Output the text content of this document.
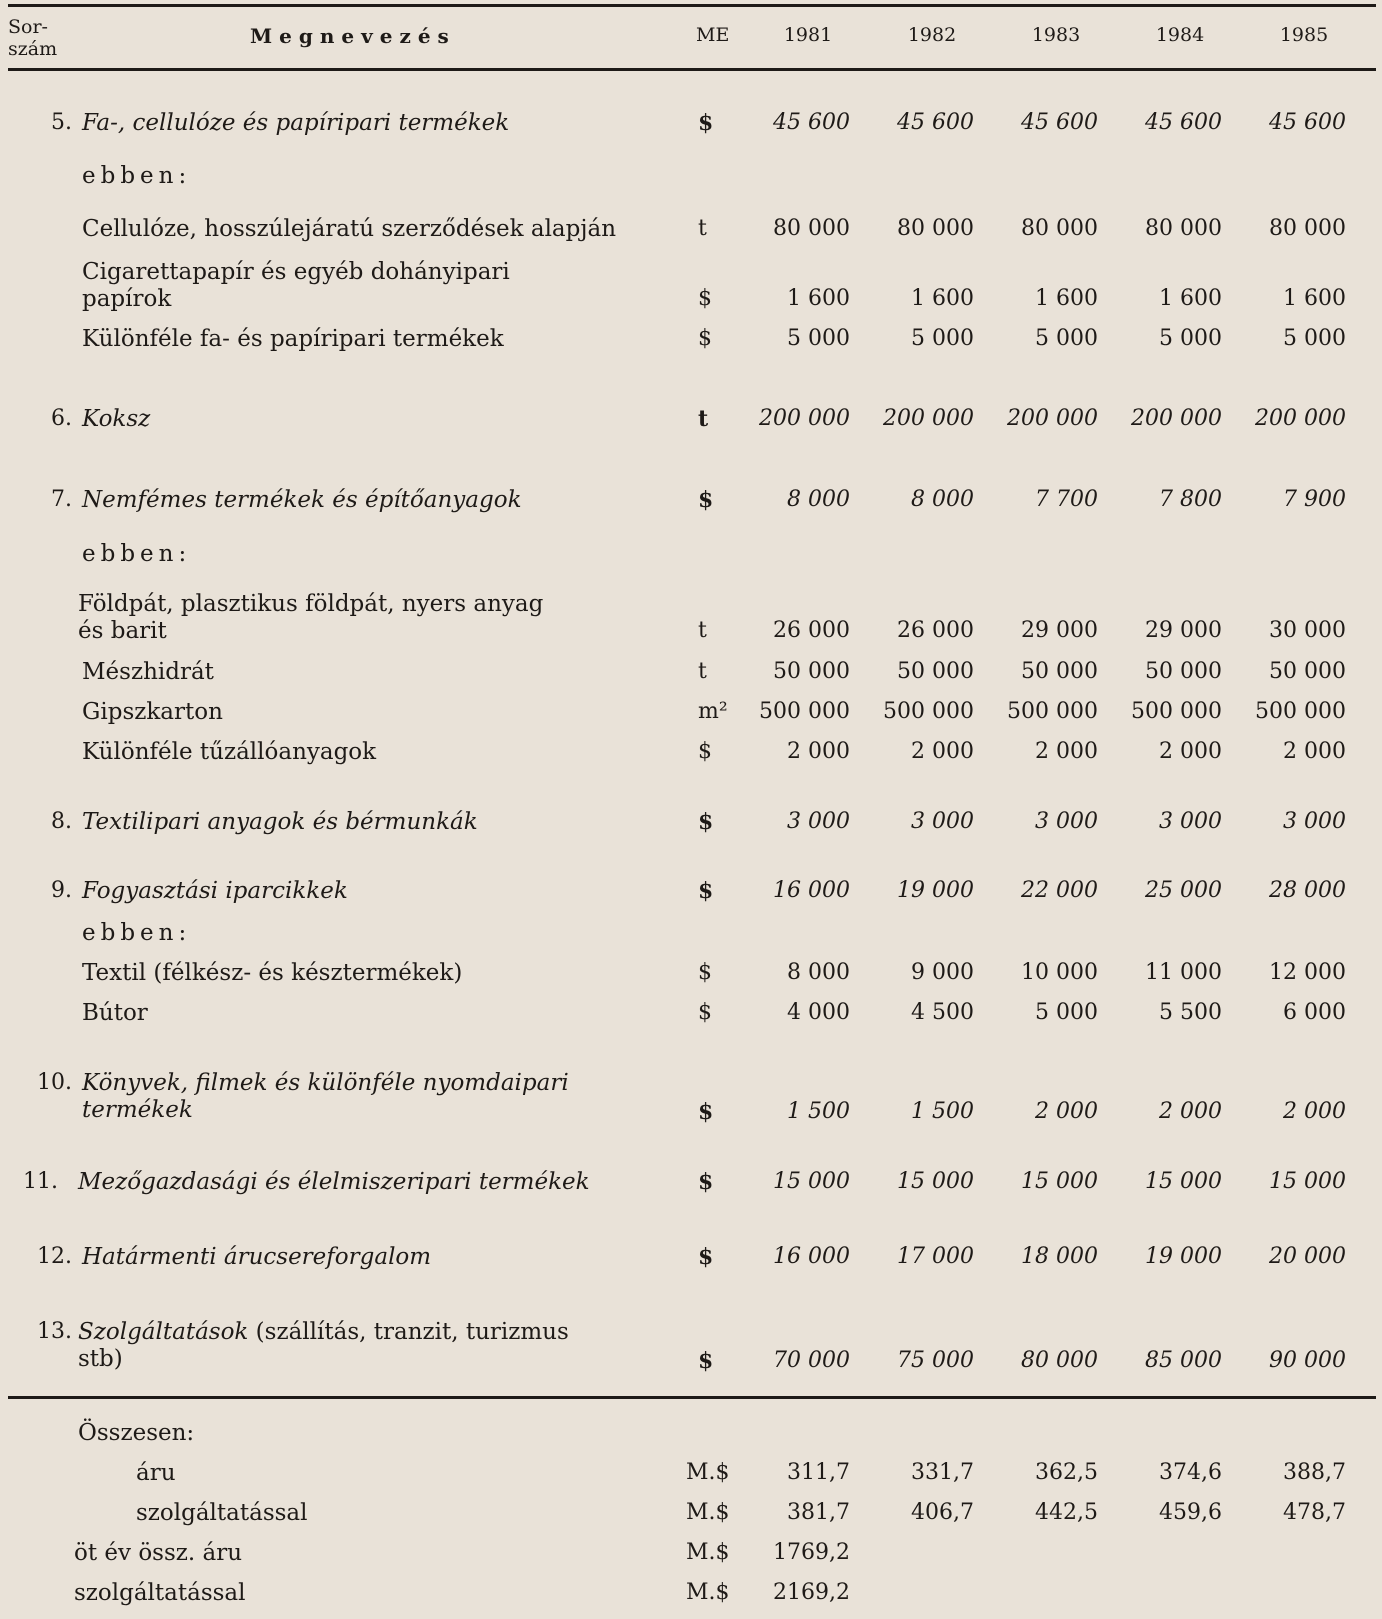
Sor-
szám
Megnevezés	ME	1981	1982	1983	1984	1985
5. Fa-, cellulóze és papíripari termékek	$	45 600	45 600	45 600	45 600	45 600
ebben:
Cellulóze, hosszúlejáratú szerződések alapján	t	80 000	80 000	80 000	80 000	80 000
Cigarettapapír és egyéb dohányipari
papírok	$	1 600	1 600	1 600	1 600	1 600
Különféle fa- és papíripari termékek	$	5 000	5 000	5 000	5 000	5 000
6. Koksz	t	200 000	200 000	200 000	200 000	200 000
7. Nemfémes termékek és építőanyagok	$	8 000	8 000	7 700	7 800	7 900
ebben:
Földpát, plasztikus földpát, nyers anyag
és barit	t	26 000	26 000	29 000	29 000	30 000
Mészhidrát	t	50 000	50 000	50 000	50 000	50 000
Gipszkarton	m²	500 000	500 000	500 000	500 000	500 000
Különféle tűzállóanyagok	$	2 000	2 000	2 000	2 000	2 000
8. Textilipari anyagok és bérmunkák	$	3 000	3 000	3 000	3 000	3 000
9. Fogyasztási iparcikkek	$	16 000	19 000	22 000	25 000	28 000
ebben:
Textil (félkész- és késztermékek)	$	8 000	9 000	10 000	11 000	12 000
Bútor	$	4 000	4 500	5 000	5 500	6 000
10. Könyvek, filmek és különféle nyomdaipari
termékek	$	1 500	1 500	2 000	2 000	2 000
11. Mezőgazdasági és élelmiszeripari termékek	$	15 000	15 000	15 000	15 000	15 000
12. Határmenti árucsereforgalom	$	16 000	17 000	18 000	19 000	20 000
13. Szolgáltatások (szállítás, tranzit, turizmus
stb)	$	70 000	75 000	80 000	85 000	90 000
Összesen:
áru	M.$	311,7	331,7	362,5	374,6	388,7
szolgáltatással	M.$	381,7	406,7	442,5	459,6	478,7
öt év össz. áru	M.$	1769,2
szolgáltatással	M.$	2169,2
